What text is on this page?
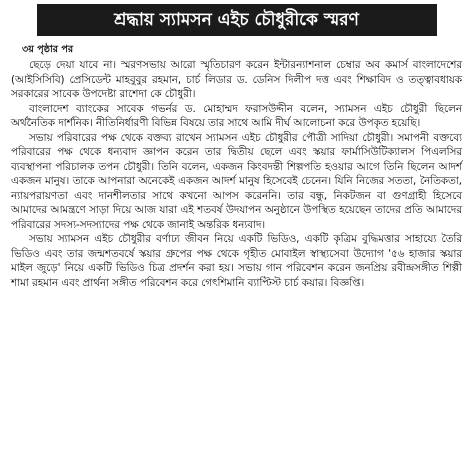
শ্রদ্ধায় স্যামসন এইচ চৌধুরীকে স্মরণ
৩য় পৃষ্ঠার পর

ছেড়ে দেয়া যাবে না। স্মরণসভায় আরো স্মৃতিচারণ করেন ইন্টারন্যাশনাল চেম্বার অব কমার্স বাংলাদেশের (আইসিসিবি) প্রেসিডেন্ট মাহবুবুর রহমান, চার্চ লিডার ড. ডেনিস দিলীপ দত্ত এবং শিক্ষাবিদ ও তত্ত্বাবধায়ক সরকারের সাবেক উপদেষ্টা রাশেদা কে চৌধুরী।

বাংলাদেশ ব্যাংকের সাবেক গভর্নর ড. মোহাম্মদ ফরাসউদ্দীন বলেন, স্যামসন এইচ চৌধুরী ছিলেন অর্থনৈতিক দার্শনিক। নীতিনির্ধারণী বিভিন্ন বিষয়ে তার সাথে আমি দীর্ঘ আলোচনা করে উপকৃত হয়েছি।

সভায় পরিবারের পক্ষ থেকে বক্তব্য রাখেন স্যামসন এইচ চৌধুরীর পৌত্রী সাদিয়া চৌধুরী। সমাপনী বক্তব্যে পরিবারের পক্ষ থেকে ধন্যবাদ জ্ঞাপন করেন তার দ্বিতীয় ছেলে এবং স্কয়ার ফার্মাসিউটিক্যালস পিএলসির ব্যবস্থাপনা পরিচালক তপন চৌধুরী। তিনি বলেন, একজন কিংবদন্তী শিল্পপতি হওয়ার আগে তিনি ছিলেন আদর্শ একজন মানুষ। তাকে আপনারা অনেকেই একজন আদর্শ মানুষ হিসেবেই চেনেন। যিনি নিজের সততা, নৈতিকতা, ন্যায়পরায়ণতা এবং দানশীলতার সাথে কখনো আপস করেননি। তার বন্ধু, নিকটজন বা গুণগ্রাহী হিসেবে আমাদের আমন্ত্রণে সাড়া দিয়ে আজ যারা এই শতবর্ষ উদযাপন অনুষ্ঠানে উপস্থিত হয়েছেন তাদের প্রতি আমাদের পরিবারের সদস্য-সদস্যাদের পক্ষ থেকে জানাই অন্তরিক ধন্যবাদ।

সভায় স্যামসন এইচ চৌধুরীর বর্ণাঢ্য জীবন নিয়ে একটি ভিডিও, একটি কৃত্রিম বুদ্ধিমত্তার সাহায্যে তৈরি ভিডিও এবং তার জন্মশতবর্ষে স্কয়ার গ্রুপের পক্ষ থেকে গৃহীত মোবাইল স্বাস্থ্যসেবা উদ্যোগ '৫৬ হাজার স্কয়ার মাইল জুড়ে' নিয়ে একটি ভিডিও চিত্র প্রদর্শন করা হয়। সভায় গান পরিবেশন করেন জনপ্রিয় রবীন্দ্রসঙ্গীত শিল্পী শামা রহমান এবং প্রার্থনা সঙ্গীত পরিবেশন করে গেৎশিমানি ব্যাপ্টিস্ট চার্চ কয়ার। বিজ্ঞপ্তি।
